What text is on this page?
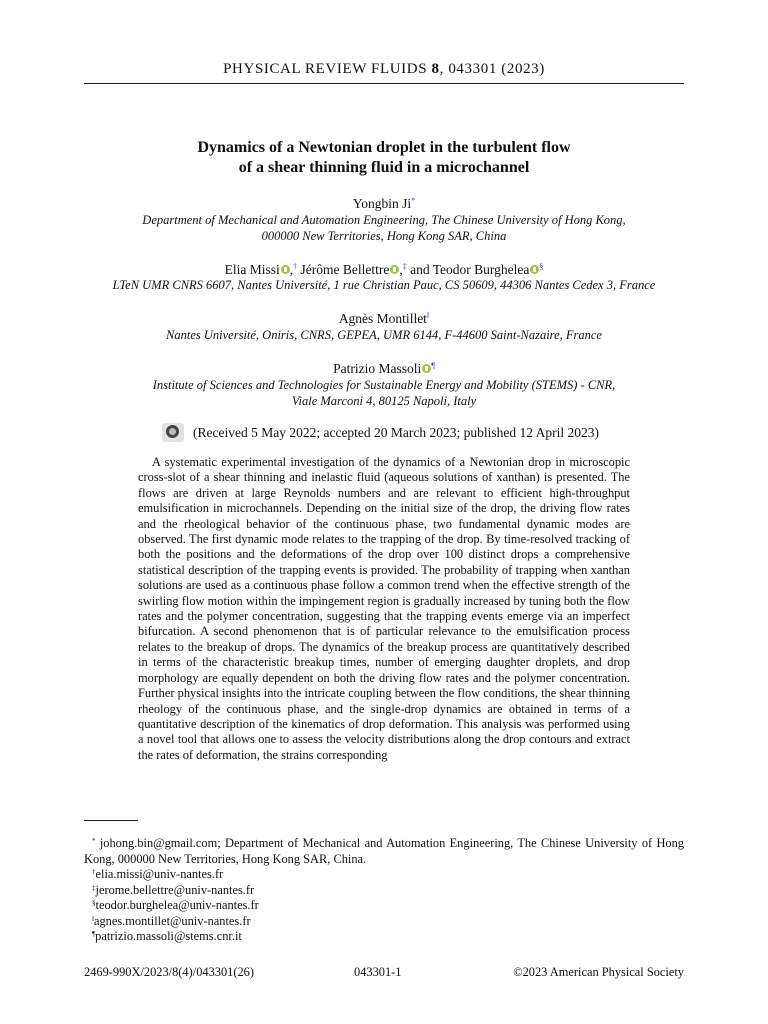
PHYSICAL REVIEW FLUIDS 8, 043301 (2023)
Dynamics of a Newtonian droplet in the turbulent flow
of a shear thinning fluid in a microchannel
Yongbin Ji*
Department of Mechanical and Automation Engineering, The Chinese University of Hong Kong,
000000 New Territories, Hong Kong SAR, China
Elia Missi ,† Jérôme Bellettre ,‡ and Teodor Burghelea §
LTeN UMR CNRS 6607, Nantes Université, 1 rue Christian Pauc, CS 50609, 44306 Nantes Cedex 3, France
Agnès Montillet‖
Nantes Université, Oniris, CNRS, GEPEA, UMR 6144, F-44600 Saint-Nazaire, France
Patrizio Massoli ¶
Institute of Sciences and Technologies for Sustainable Energy and Mobility (STEMS) - CNR,
Viale Marconi 4, 80125 Napoli, Italy
(Received 5 May 2022; accepted 20 March 2023; published 12 April 2023)

A systematic experimental investigation of the dynamics of a Newtonian drop in microscopic cross-slot of a shear thinning and inelastic fluid (aqueous solutions of xanthan) is presented. The flows are driven at large Reynolds numbers and are relevant to efficient high-throughput emulsification in microchannels. Depending on the initial size of the drop, the driving flow rates and the rheological behavior of the continuous phase, two fundamental dynamic modes are observed. The first dynamic mode relates to the trapping of the drop. By time-resolved tracking of both the positions and the deformations of the drop over 100 distinct drops a comprehensive statistical description of the trapping events is provided. The probability of trapping when xanthan solutions are used as a continuous phase follow a common trend when the effective strength of the swirling flow motion within the impingement region is gradually increased by tuning both the flow rates and the polymer concentration, suggesting that the trapping events emerge via an imperfect bifurcation. A second phenomenon that is of particular relevance to the emulsification process relates to the breakup of drops. The dynamics of the breakup process are quantitatively described in terms of the characteristic breakup times, number of emerging daughter droplets, and drop morphology are equally dependent on both the driving flow rates and the polymer concentration. Further physical insights into the intricate coupling between the flow conditions, the shear thinning rheology of the continuous phase, and the single-drop dynamics are obtained in terms of a quantitative description of the kinematics of drop deformation. This analysis was performed using a novel tool that allows one to assess the velocity distributions along the drop contours and extract the rates of deformation, the strains corresponding

* johong.bin@gmail.com; Department of Mechanical and Automation Engineering, The Chinese University of Hong Kong, 000000 New Territories, Hong Kong SAR, China.
†elia.missi@univ-nantes.fr
‡jerome.bellettre@univ-nantes.fr
§teodor.burghelea@univ-nantes.fr
‖agnes.montillet@univ-nantes.fr
¶patrizio.massoli@stems.cnr.it
2469-990X/2023/8(4)/043301(26)	043301-1	©2023 American Physical Society
